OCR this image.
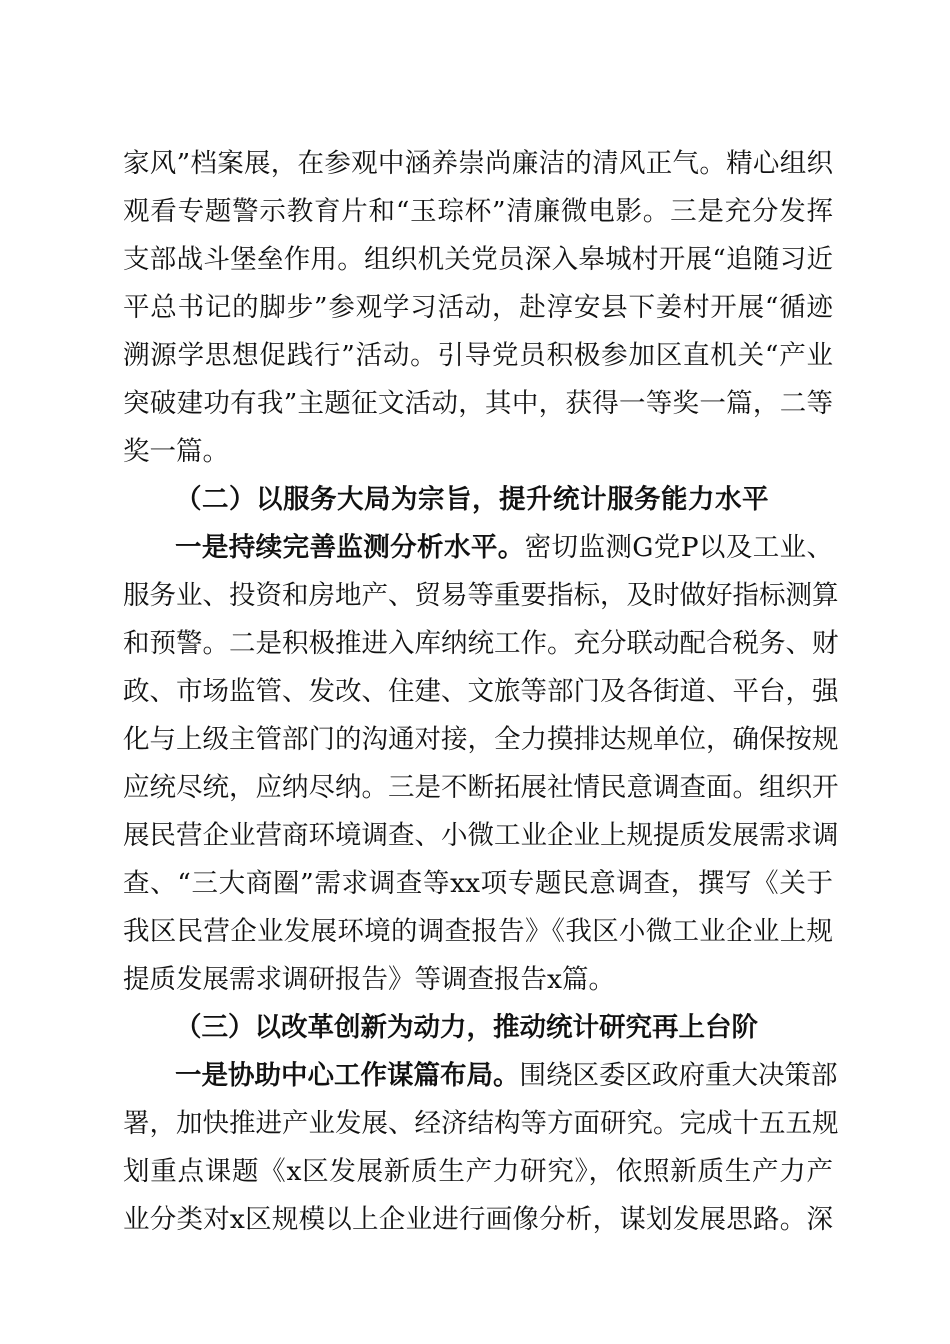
家风”档案展，在参观中涵养崇尚廉洁的清风正气。精心组织
观看专题警示教育片和“玉琮杯”清廉微电影。三是充分发挥
支部战斗堡垒作用。组织机关党员深入皋城村开展“追随习近
平总书记的脚步”参观学习活动，赴淳安县下姜村开展“循迹
溯源学思想促践行”活动。引导党员积极参加区直机关“产业
突破建功有我”主题征文活动，其中，获得一等奖一篇，二等
奖一篇。
（二）以服务大局为宗旨，提升统计服务能力水平
一是持续完善监测分析水平。密切监测G党P以及工业、
服务业、投资和房地产、贸易等重要指标，及时做好指标测算
和预警。二是积极推进入库纳统工作。充分联动配合税务、财
政、市场监管、发改、住建、文旅等部门及各街道、平台，强
化与上级主管部门的沟通对接，全力摸排达规单位，确保按规
应统尽统，应纳尽纳。三是不断拓展社情民意调查面。组织开
展民营企业营商环境调查、小微工业企业上规提质发展需求调
查、“三大商圈”需求调查等xx项专题民意调查，撰写《关于
我区民营企业发展环境的调查报告》《我区小微工业企业上规
提质发展需求调研报告》等调查报告x篇。
（三）以改革创新为动力，推动统计研究再上台阶
一是协助中心工作谋篇布局。围绕区委区政府重大决策部
署，加快推进产业发展、经济结构等方面研究。完成十五五规
划重点课题《x区发展新质生产力研究》，依照新质生产力产
业分类对x区规模以上企业进行画像分析，谋划发展思路。深
